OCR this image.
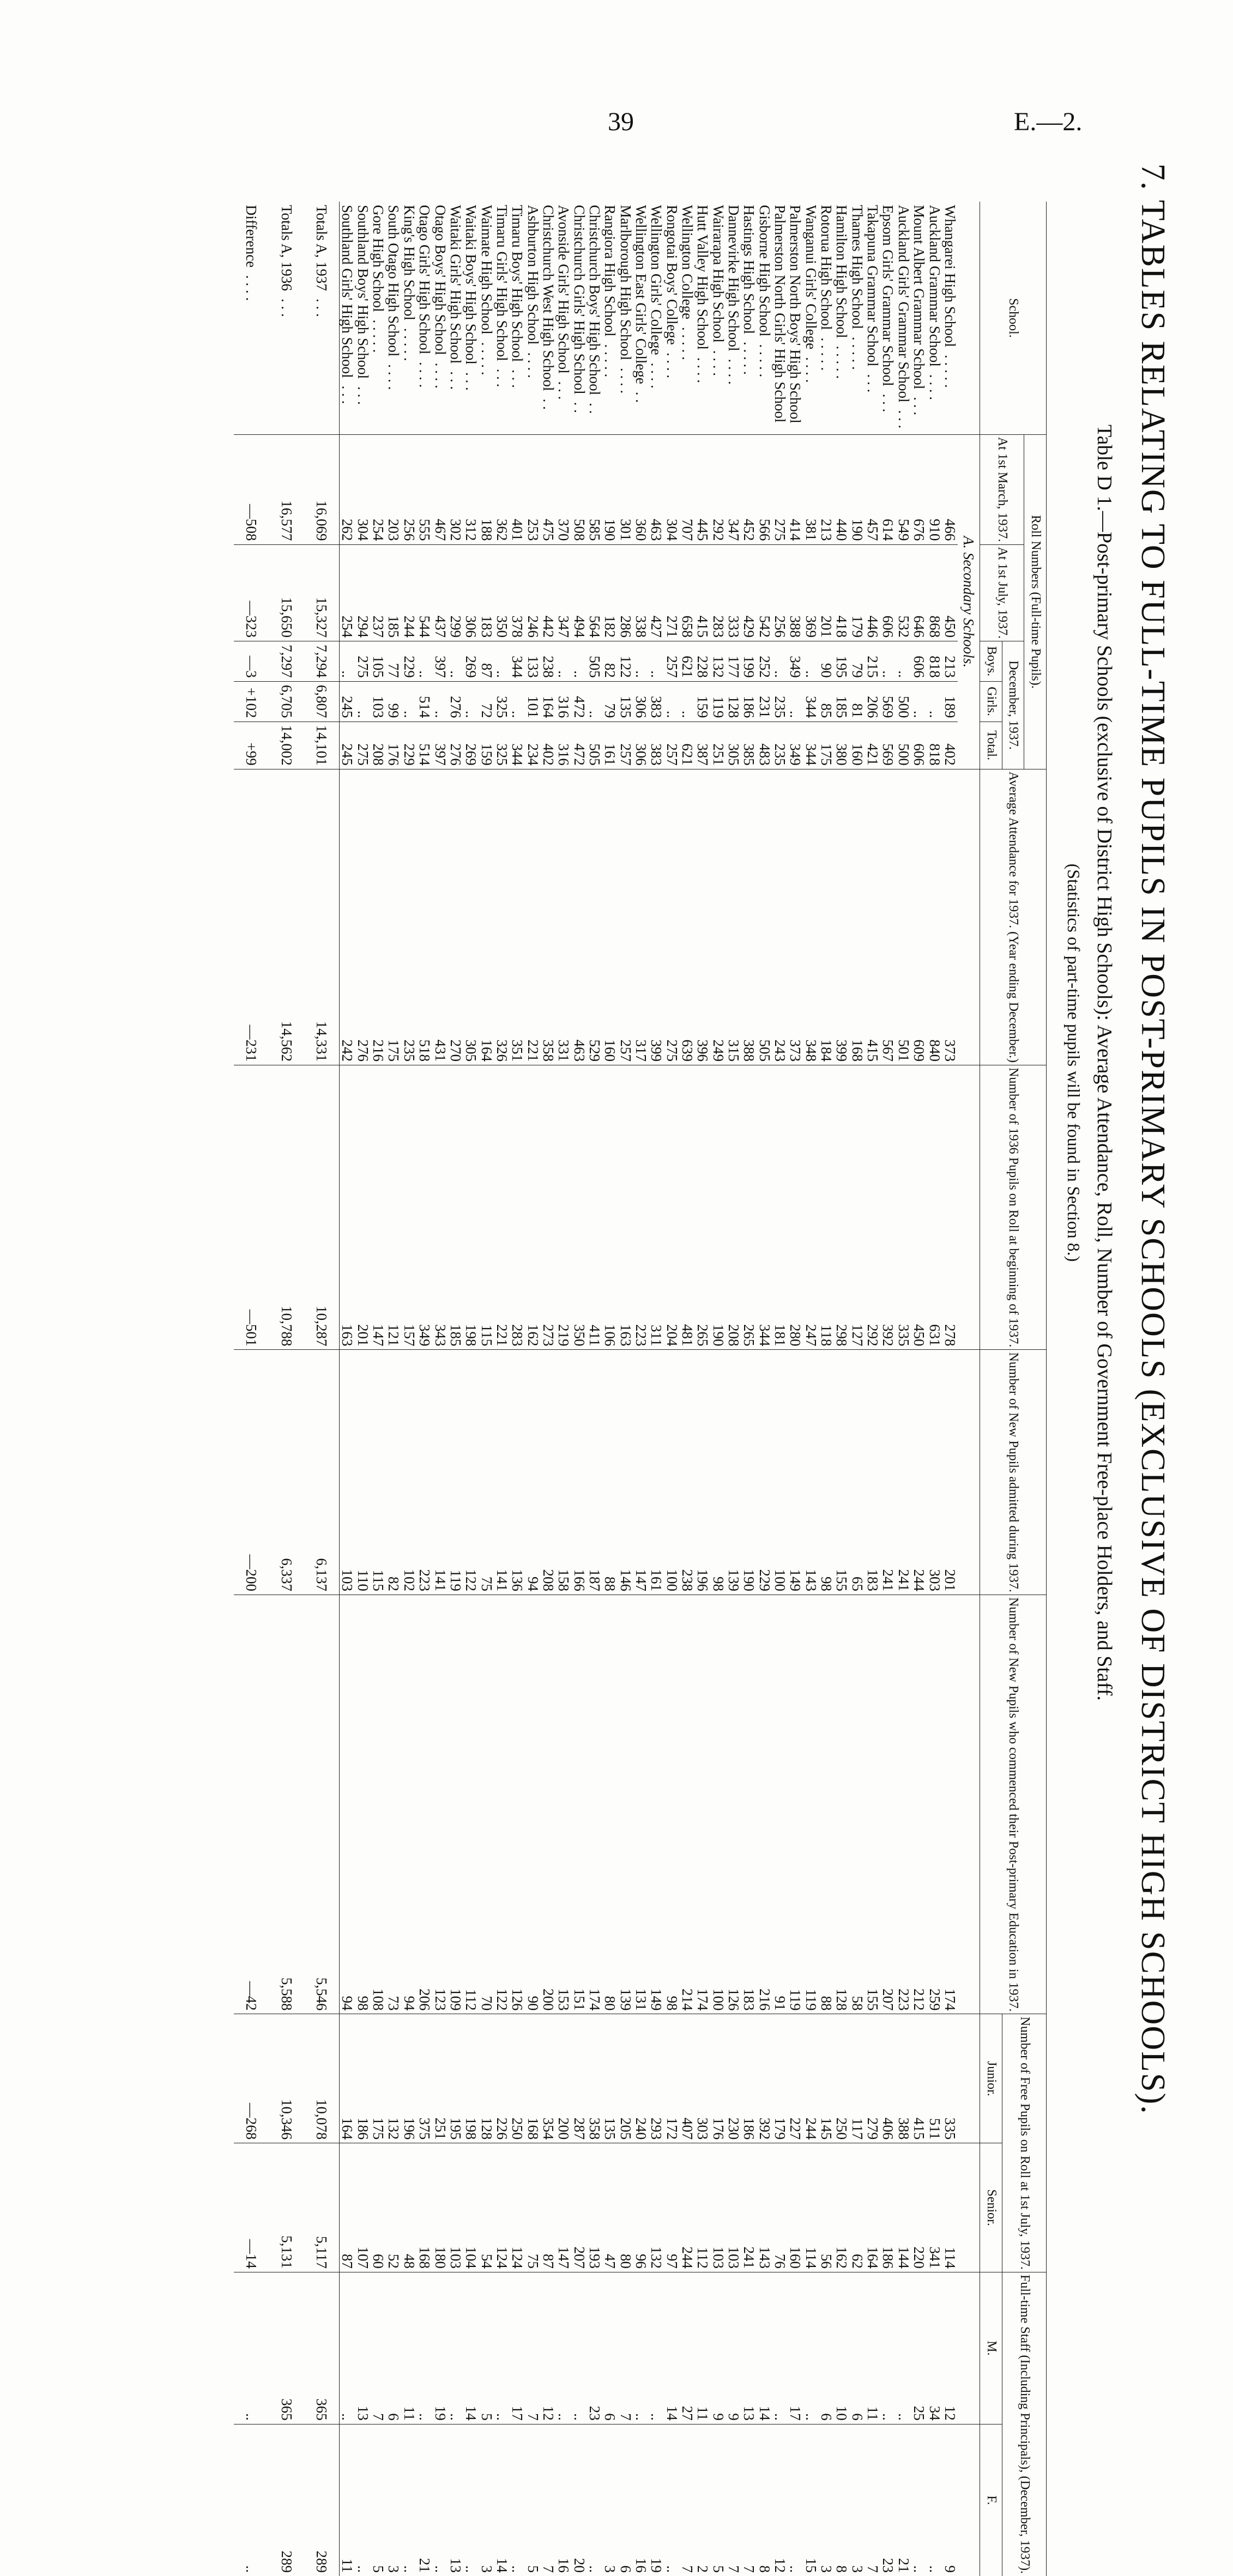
39	E.—2.
7. TABLES RELATING TO FULL-TIME PUPILS IN POST-PRIMARY SCHOOLS (EXCLUSIVE OF DISTRICT HIGH SCHOOLS).
Table D 1.—Post-primary Schools (exclusive of District High Schools): Average Attendance, Roll, Number of Government Free-place Holders, and Staff.
(Statistics of part-time pupils will be found in Section 8.)
School.	Roll Numbers (Full-time Pupils).					Average Attendance for 1937. (Year ending December.)	Number of 1936 Pupils on Roll at beginning of 1937.	Number of New Pupils admitted during 1937.	Number of New Pupils who commenced their Post-primary Education in 1937.	Number of Free Pupils on Roll at 1st July, 1937.		Full-time Staff (Including Principals), (December, 1937).	
	At 1st March, 1937.	At 1st July, 1937.	December, 1937.										
			Boys.	Girls.	Total.					Junior.	Senior.	M.	F.
	A. Secondary Schools.												
Whangarei High School. . . . .	466	450	213	189	402	373	278	201	174	335	114	12	9
Auckland Grammar School. . . .	910	868	818	..	818	840	631	303	259	511	341	34	..
Mount Albert Grammar School. . .	676	646	606	..	606	609	450	244	212	415	220	25	..
Auckland Girls' Grammar School. . .	549	532	..	500	500	501	335	241	223	388	144	..	21
Epsom Girls' Grammar School. . .	614	606	..	569	569	567	392	241	207	406	186	..	23
Takapuna Grammar School. . .	457	446	215	206	421	415	292	183	155	279	164	11	7
Thames High School. . . . .	190	179	79	81	160	168	127	65	58	117	62	6	3
Hamilton High School. . . . .	440	418	195	185	380	399	298	155	128	250	162	10	8
Rotorua High School. . . . .	213	201	90	85	175	184	118	98	88	145	56	6	3
Wanganui Girls' College. . . .	381	369	..	344	344	348	247	143	119	244	114	..	15
Palmerston North Boys' High School	414	388	349	..	349	373	280	149	119	227	160	17	..
Palmerston North Girls' High School	275	256	..	235	235	243	181	100	91	179	76	..	12
Gisborne High School. . . . .	566	542	252	231	483	505	344	229	216	392	143	14	8
Hastings High School. . . . .	452	429	199	186	385	388	265	190	183	186	241	13	7
Dannevirke High School. . . .	347	333	177	128	305	315	208	139	126	230	103	9	7
Wairarapa High School. . . .	292	283	132	119	251	249	190	98	100	176	103	9	5
Hutt Valley High School. . . .	445	415	228	159	387	396	265	196	174	303	112	11	2
Wellington College. . . . .	707	658	621	..	621	639	481	238	214	407	244	27	7
Rongotai Boys' College. . . .	304	271	257	..	257	275	204	100	98	172	97	14	..
Wellington Girls' College. . . .	463	427	..	383	383	399	311	161	149	293	132	..	19
Wellington East Girls' College. .	360	338	..	306	306	317	223	147	131	240	96	..	16
Marlborough High School. . . .	301	286	122	135	257	257	163	146	139	205	80	7	6
Rangiora High School. . . . .	190	182	82	79	161	160	106	88	80	135	47	6	3
Christchurch Boys' High School. .	585	564	505	..	505	529	411	187	174	358	193	23	..
Christchurch Girls' High School. .	508	494	..	472	472	463	350	166	151	287	207	..	20
Avonside Girls' High School. . .	370	347	..	316	316	331	219	158	153	200	147	..	16
Christchurch West High School. .	475	442	238	164	402	358	273	208	200	354	87	12	7
Ashburton High School. . . .	253	246	133	101	234	221	162	94	90	168	75	7	5
Timaru Boys' High School. . .	401	378	344	..	344	351	283	136	126	250	124	17	..
Timaru Girls' High School. . .	362	350	..	325	325	326	221	141	122	226	124	..	14
Waimate High School. . . . .	188	183	87	72	159	164	115	75	70	128	54	5	3
Waitaki Boys' High School. . .	312	306	269	..	269	305	198	122	112	198	104	14	..
Waitaki Girls' High School. . .	302	299	..	276	276	270	185	119	109	195	103	..	13
Otago Boys' High School. . . .	467	437	397	..	397	431	343	141	123	251	180	19	..
Otago Girls' High School. . . .	555	544	..	514	514	518	349	223	206	375	168	..	21
King's High School. . . . .	256	244	229	..	229	235	157	102	94	196	48	11	..
South Otago High School. . . .	203	185	77	99	176	175	121	82	73	132	52	6	3
Gore High School. . . . .	254	237	105	103	208	216	147	115	108	175	60	7	5
Southland Boys' High School. . .	304	294	275	..	275	276	201	110	98	186	107	13	..
Southland Girls' High School. . .	262	254	..	245	245	242	163	103	94	164	87	..	11
Totals A, 1937. . .	16,069	15,327	7,294	6,807	14,101	14,331	10,287	6,137	5,546	10,078	5,117	365	289
Totals A, 1936. . .	16,577	15,650	7,297	6,705	14,002	14,562	10,788	6,337	5,588	10,346	5,131	365	289
Difference. . . .	—508	—323	—3	+102	+99	—231	—501	—200	—42	—268	—14	..	..
